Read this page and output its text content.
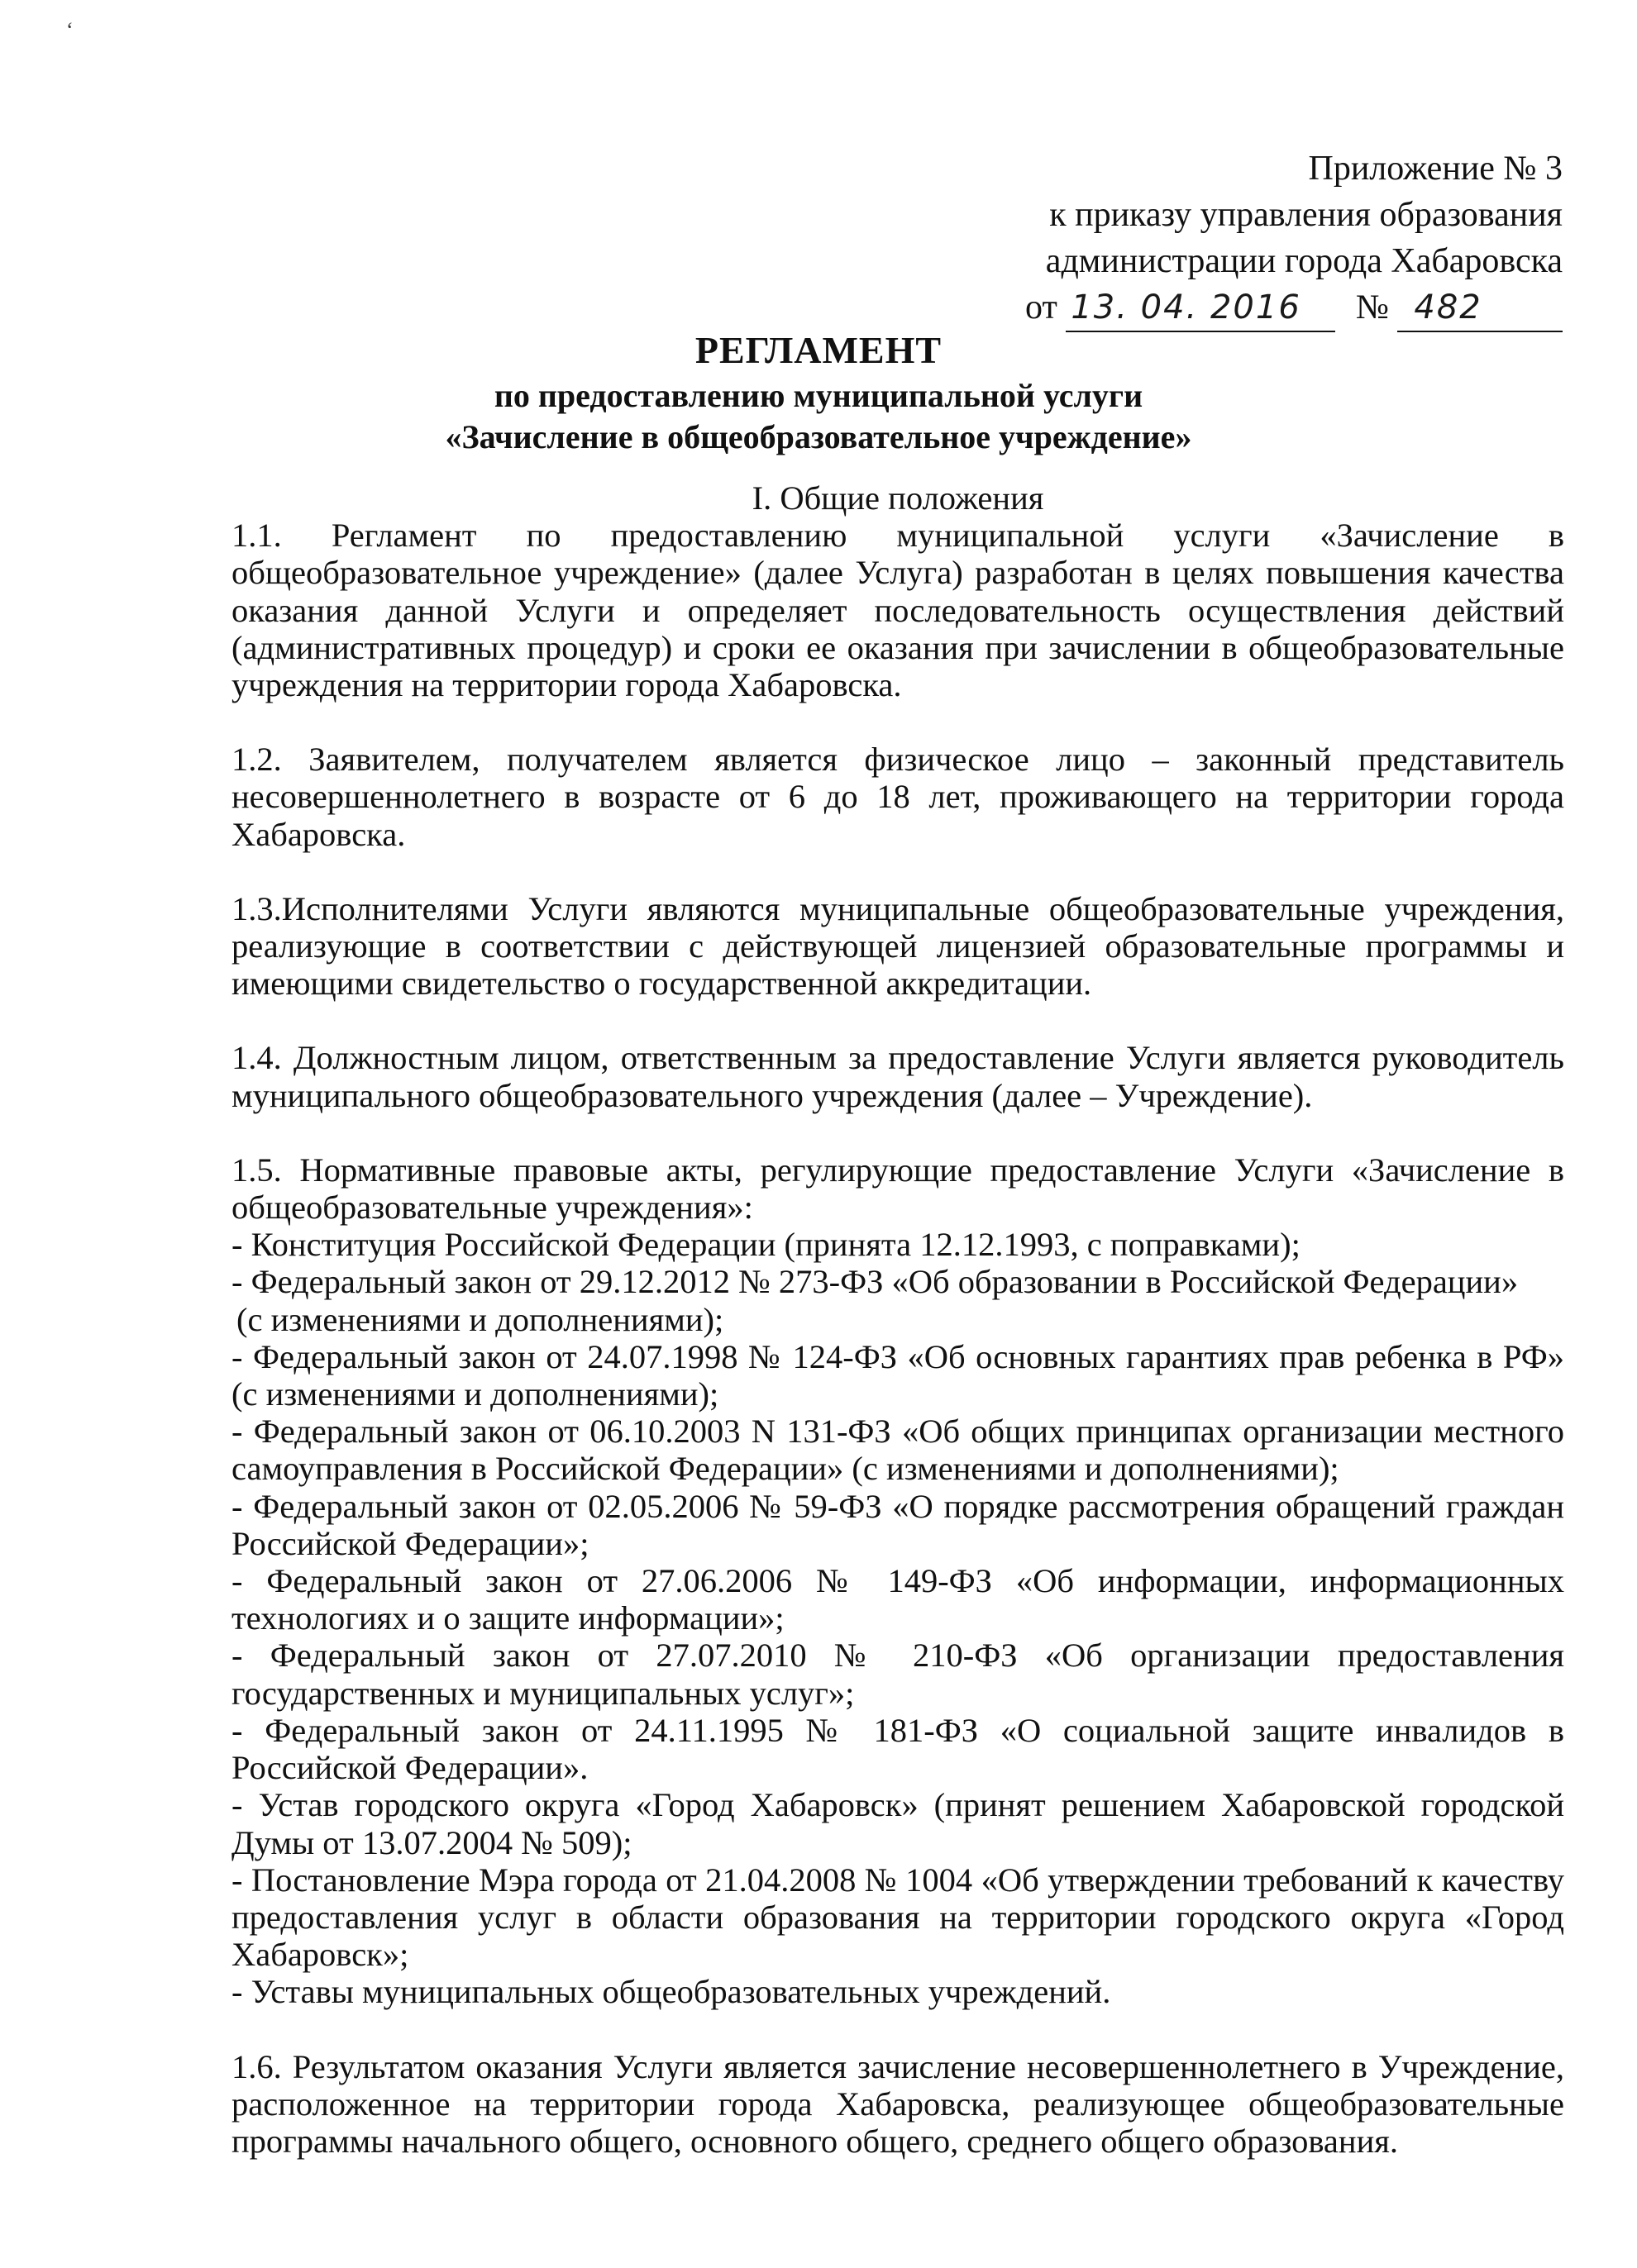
‘
Приложение № 3
к приказу управления образования
администрации города Хабаровска
от 13. 04. 2016 № 482
РЕГЛАМЕНТ
по предоставлению муниципальной услуги
«Зачисление в общеобразовательное учреждение»

I. Общие положения

1.1. Регламент по предоставлению муниципальной услуги «Зачисление в общеобразовательное учреждение» (далее Услуга) разработан в целях повышения качества оказания данной Услуги и определяет последовательность осуществления действий (административных процедур) и сроки ее оказания при зачислении в общеобразовательные учреждения на территории города Хабаровска.

1.2. Заявителем, получателем является физическое лицо – законный представитель несовершеннолетнего в возрасте от 6 до 18 лет, проживающего на территории города Хабаровска.

1.3.Исполнителями Услуги являются муниципальные общеобразовательные учреждения, реализующие в соответствии с действующей лицензией образовательные программы и имеющими свидетельство о государственной аккредитации.

1.4. Должностным лицом, ответственным за предоставление Услуги является руководитель муниципального общеобразовательного учреждения (далее – Учреждение).

1.5. Нормативные правовые акты, регулирующие предоставление Услуги «Зачисление в общеобразовательные учреждения»:

- Конституция Российской Федерации (принята 12.12.1993, с поправками);

- Федеральный закон от 29.12.2012 № 273-ФЗ «Об образовании в Российской Федерации»

(с изменениями и дополнениями);

- Федеральный закон от 24.07.1998 № 124-ФЗ «Об основных гарантиях прав ребенка в РФ» (с изменениями и дополнениями);

- Федеральный закон от 06.10.2003 N 131-ФЗ «Об общих принципах организации местного самоуправления в Российской Федерации» (с изменениями и дополнениями);

- Федеральный закон от 02.05.2006 № 59-ФЗ «О порядке рассмотрения обращений граждан Российской Федерации»;

- Федеральный закон от 27.06.2006 № 149-ФЗ «Об информации, информационных технологиях и о защите информации»;

- Федеральный закон от 27.07.2010 № 210-ФЗ «Об организации предоставления государственных и муниципальных услуг»;

- Федеральный закон от 24.11.1995 № 181-ФЗ «О социальной защите инвалидов в Российской Федерации».

- Устав городского округа «Город Хабаровск» (принят решением Хабаровской городской Думы от 13.07.2004 № 509);

- Постановление Мэра города от 21.04.2008 № 1004 «Об утверждении требований к качеству предоставления услуг в области образования на территории городского округа «Город Хабаровск»;

- Уставы муниципальных общеобразовательных учреждений.

1.6. Результатом оказания Услуги является зачисление несовершеннолетнего в Учреждение, расположенное на территории города Хабаровска, реализующее общеобразовательные программы начального общего, основного общего, среднего общего образования.
